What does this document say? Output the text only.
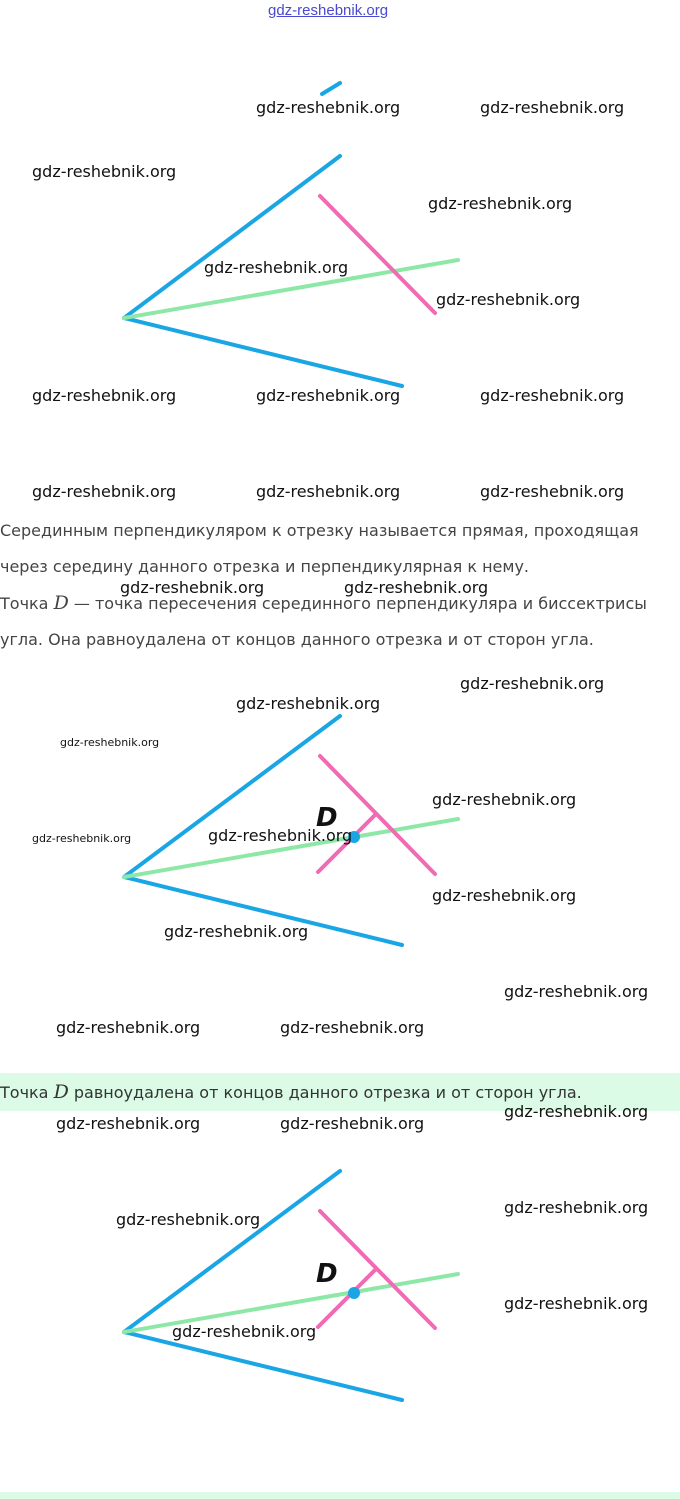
gdz-reshebnik.org

Серединным перпендикуляром к отрезку называется прямая, проходящая

через середину данного отрезка и перпендикулярная к нему.

Точка D — точка пересечения серединного перпендикуляра и биссектрисы

угла. Она равноудалена от концов данного отрезка и от сторон угла.

D
Точка D равноудалена от концов данного отрезка и от сторон угла.
D
gdz-reshebnik.org	gdz-reshebnik.org
gdz-reshebnik.org
gdz-reshebnik.org
gdz-reshebnik.org
gdz-reshebnik.org
gdz-reshebnik.org	gdz-reshebnik.org	gdz-reshebnik.org
gdz-reshebnik.org	gdz-reshebnik.org	gdz-reshebnik.org
gdz-reshebnik.org	gdz-reshebnik.org
gdz-reshebnik.org
gdz-reshebnik.org
gdz-reshebnik.org
gdz-reshebnik.org
gdz-reshebnik.org	gdz-reshebnik.org
gdz-reshebnik.org
gdz-reshebnik.org
gdz-reshebnik.org
gdz-reshebnik.org	gdz-reshebnik.org
gdz-reshebnik.org
gdz-reshebnik.org	gdz-reshebnik.org
gdz-reshebnik.org
gdz-reshebnik.org
gdz-reshebnik.org
gdz-reshebnik.org
